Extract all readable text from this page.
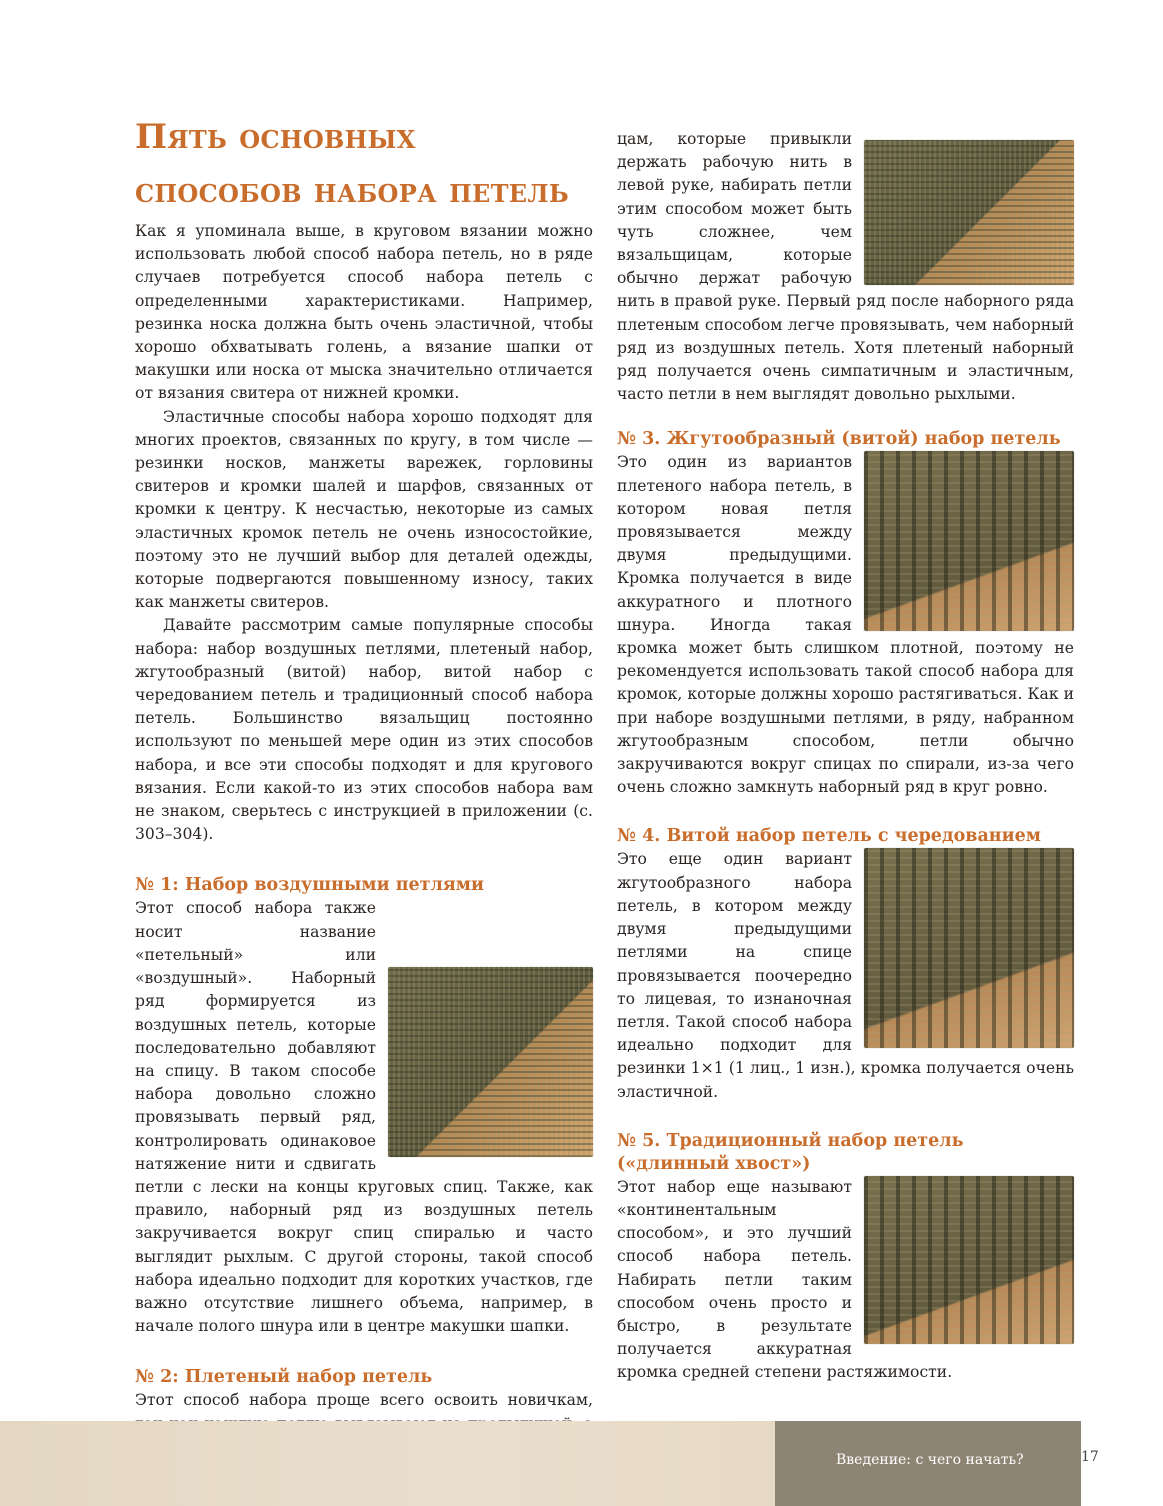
Пять основных
способов набора петель

Как я упоминала выше, в круговом вязании можно использовать любой способ набора петель, но в ряде случаев потребуется способ набора петель с определенными характеристиками. Например, резинка носка должна быть очень эластичной, чтобы хорошо обхватывать голень, а вязание шапки от макушки или носка от мыска значительно отличается от вязания свитера от нижней кромки.

Эластичные способы набора хорошо подходят для многих проектов, связанных по кругу, в том числе — резинки носков, манжеты варежек, горловины свитеров и кромки шалей и шарфов, связанных от кромки к центру. К несчастью, некоторые из самых эластичных кромок петель не очень износостойкие, поэтому это не лучший выбор для деталей одежды, которые подвергаются повышенному износу, таких как манжеты свитеров.

Давайте рассмотрим самые популярные способы набора: набор воздушных петлями, плетеный набор, жгутообразный (витой) набор, витой набор с чередованием петель и традиционный способ набора петель. Большинство вязальщиц постоянно используют по меньшей мере один из этих способов набора, и все эти способы подходят и для кругового вязания. Если какой-то из этих способов набора вам не знаком, сверьтесь с инструкцией в приложении (с. 303–304).

№ 1: Набор воздушными петлями

Этот способ набора также носит название «петельный» или «воздушный». Наборный ряд формируется из воздушных петель, которые последовательно добавляют на спицу. В таком способе набора довольно сложно провязывать первый ряд, контролировать одинаковое натяжение нити и сдвигать петли с лески на концы круговых спиц. Также, как правило, наборный ряд из воздушных петель закручивается вокруг спиц спиралью и часто выглядит рыхлым. С другой стороны, такой способ набора идеально подходит для коротких участков, где важно отсутствие лишнего объема, например, в начале полого шнура или в центре макушки шапки.

№ 2: Плетеный набор петель

Этот способ набора проще всего освоить новичкам,

цам, которые привыкли держать рабочую нить в левой руке, набирать петли этим способом может быть чуть сложнее, чем вязальщицам, которые обычно держат рабочую нить в правой руке. Первый ряд после наборного ряда плетеным способом легче провязывать, чем наборный ряд из воздушных петель. Хотя плетеный наборный ряд получается очень симпатичным и эластичным, часто петли в нем выглядят довольно рыхлыми.

№ 3. Жгутообразный (витой) набор петель

Это один из вариантов плетеного набора петель, в котором новая петля провязывается между двумя предыдущими. Кромка получается в виде аккуратного и плотного шнура. Иногда такая кромка может быть слишком плотной, поэтому не рекомендуется использовать такой способ набора для кромок, которые должны хорошо растягиваться. Как и при наборе воздушными петлями, в ряду, набранном жгутообразным способом, петли обычно закручиваются вокруг спицах по спирали, из-за чего очень сложно замкнуть наборный ряд в круг ровно.

№ 4. Витой набор петель с чередованием

Это еще один вариант жгутообразного набора петель, в котором между двумя предыдущими петлями на спице провязывается поочередно то лицевая, то изнаночная петля. Такой способ набора идеально подходит для резинки 1×1 (1 лиц., 1 изн.), кромка получается очень эластичной.

№ 5. Традиционный набор петель («длинный хвост»)

Этот набор еще называют «континентальным способом», и это лучший способ набора петель. Набирать петли таким способом очень просто и быстро, в результате получается аккуратная кромка средней степени растяжимости.

Введение: с чего начать?	17
